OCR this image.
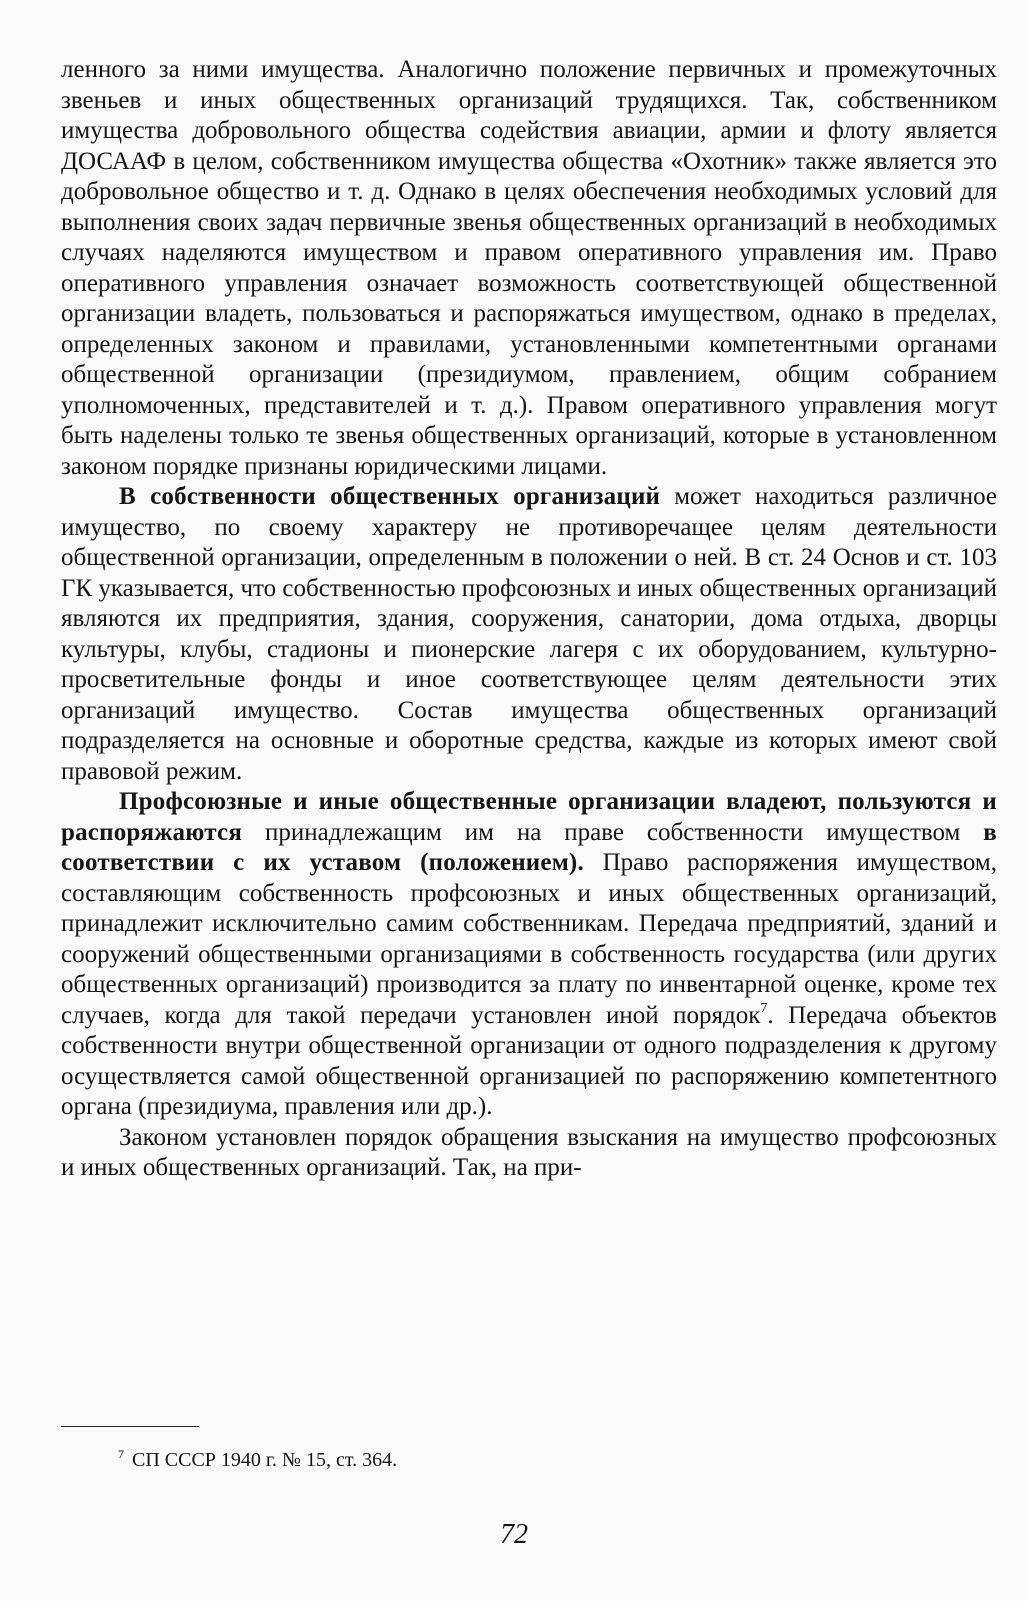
ленного за ними имущества. Аналогично положение первичных и промежуточных звеньев и иных общественных организаций трудящихся. Так, собственником имущества добровольного общества содействия авиации, армии и флоту является ДОСААФ в целом, собственником имущества общества «Охотник» также является это добровольное общество и т. д. Однако в целях обеспечения необходимых условий для выполнения своих задач первичные звенья общественных организаций в необходимых случаях наделяются имуществом и правом оперативного управления им. Право оперативного управления означает возможность соответствующей общественной организации владеть, пользоваться и распоряжаться имуществом, однако в пределах, определенных законом и правилами, установленными компетентными органами общественной организации (президиумом, правлением, общим собранием уполномоченных, представителей и т. д.). Правом оперативного управления могут быть наделены только те звенья общественных организаций, которые в установленном законом порядке признаны юридическими лицами.

В собственности общественных организаций может находиться различное имущество, по своему характеру не противоречащее целям деятельности общественной организации, определенным в положении о ней. В ст. 24 Основ и ст. 103 ГК указывается, что собственностью профсоюзных и иных общественных организаций являются их предприятия, здания, сооружения, санатории, дома отдыха, дворцы культуры, клубы, стадионы и пионерские лагеря с их оборудованием, культурно-просветительные фонды и иное соответствующее целям деятельности этих организаций имущество. Состав имущества общественных организаций подразделяется на основные и оборотные средства, каждые из которых имеют свой правовой режим.

Профсоюзные и иные общественные организации владеют, пользуются и распоряжаются принадлежащим им на праве собственности имуществом в соответствии с их уставом (положением). Право распоряжения имуществом, составляющим собственность профсоюзных и иных общественных организаций, принадлежит исключительно самим собственникам. Передача предприятий, зданий и сооружений общественными организациями в собственность государства (или других общественных организаций) производится за плату по инвентарной оценке, кроме тех случаев, когда для такой передачи установлен иной порядок$^7$. Передача объектов собственности внутри общественной организации от одного подразделения к другому осуществляется самой общественной организацией по распоряжению компетентного органа (президиума, правления или др.).

Законом установлен порядок обращения взыскания на имущество профсоюзных и иных общественных организаций. Так, на при-

$^7$ СП СССР 1940 г. № 15, ст. 364.
72
